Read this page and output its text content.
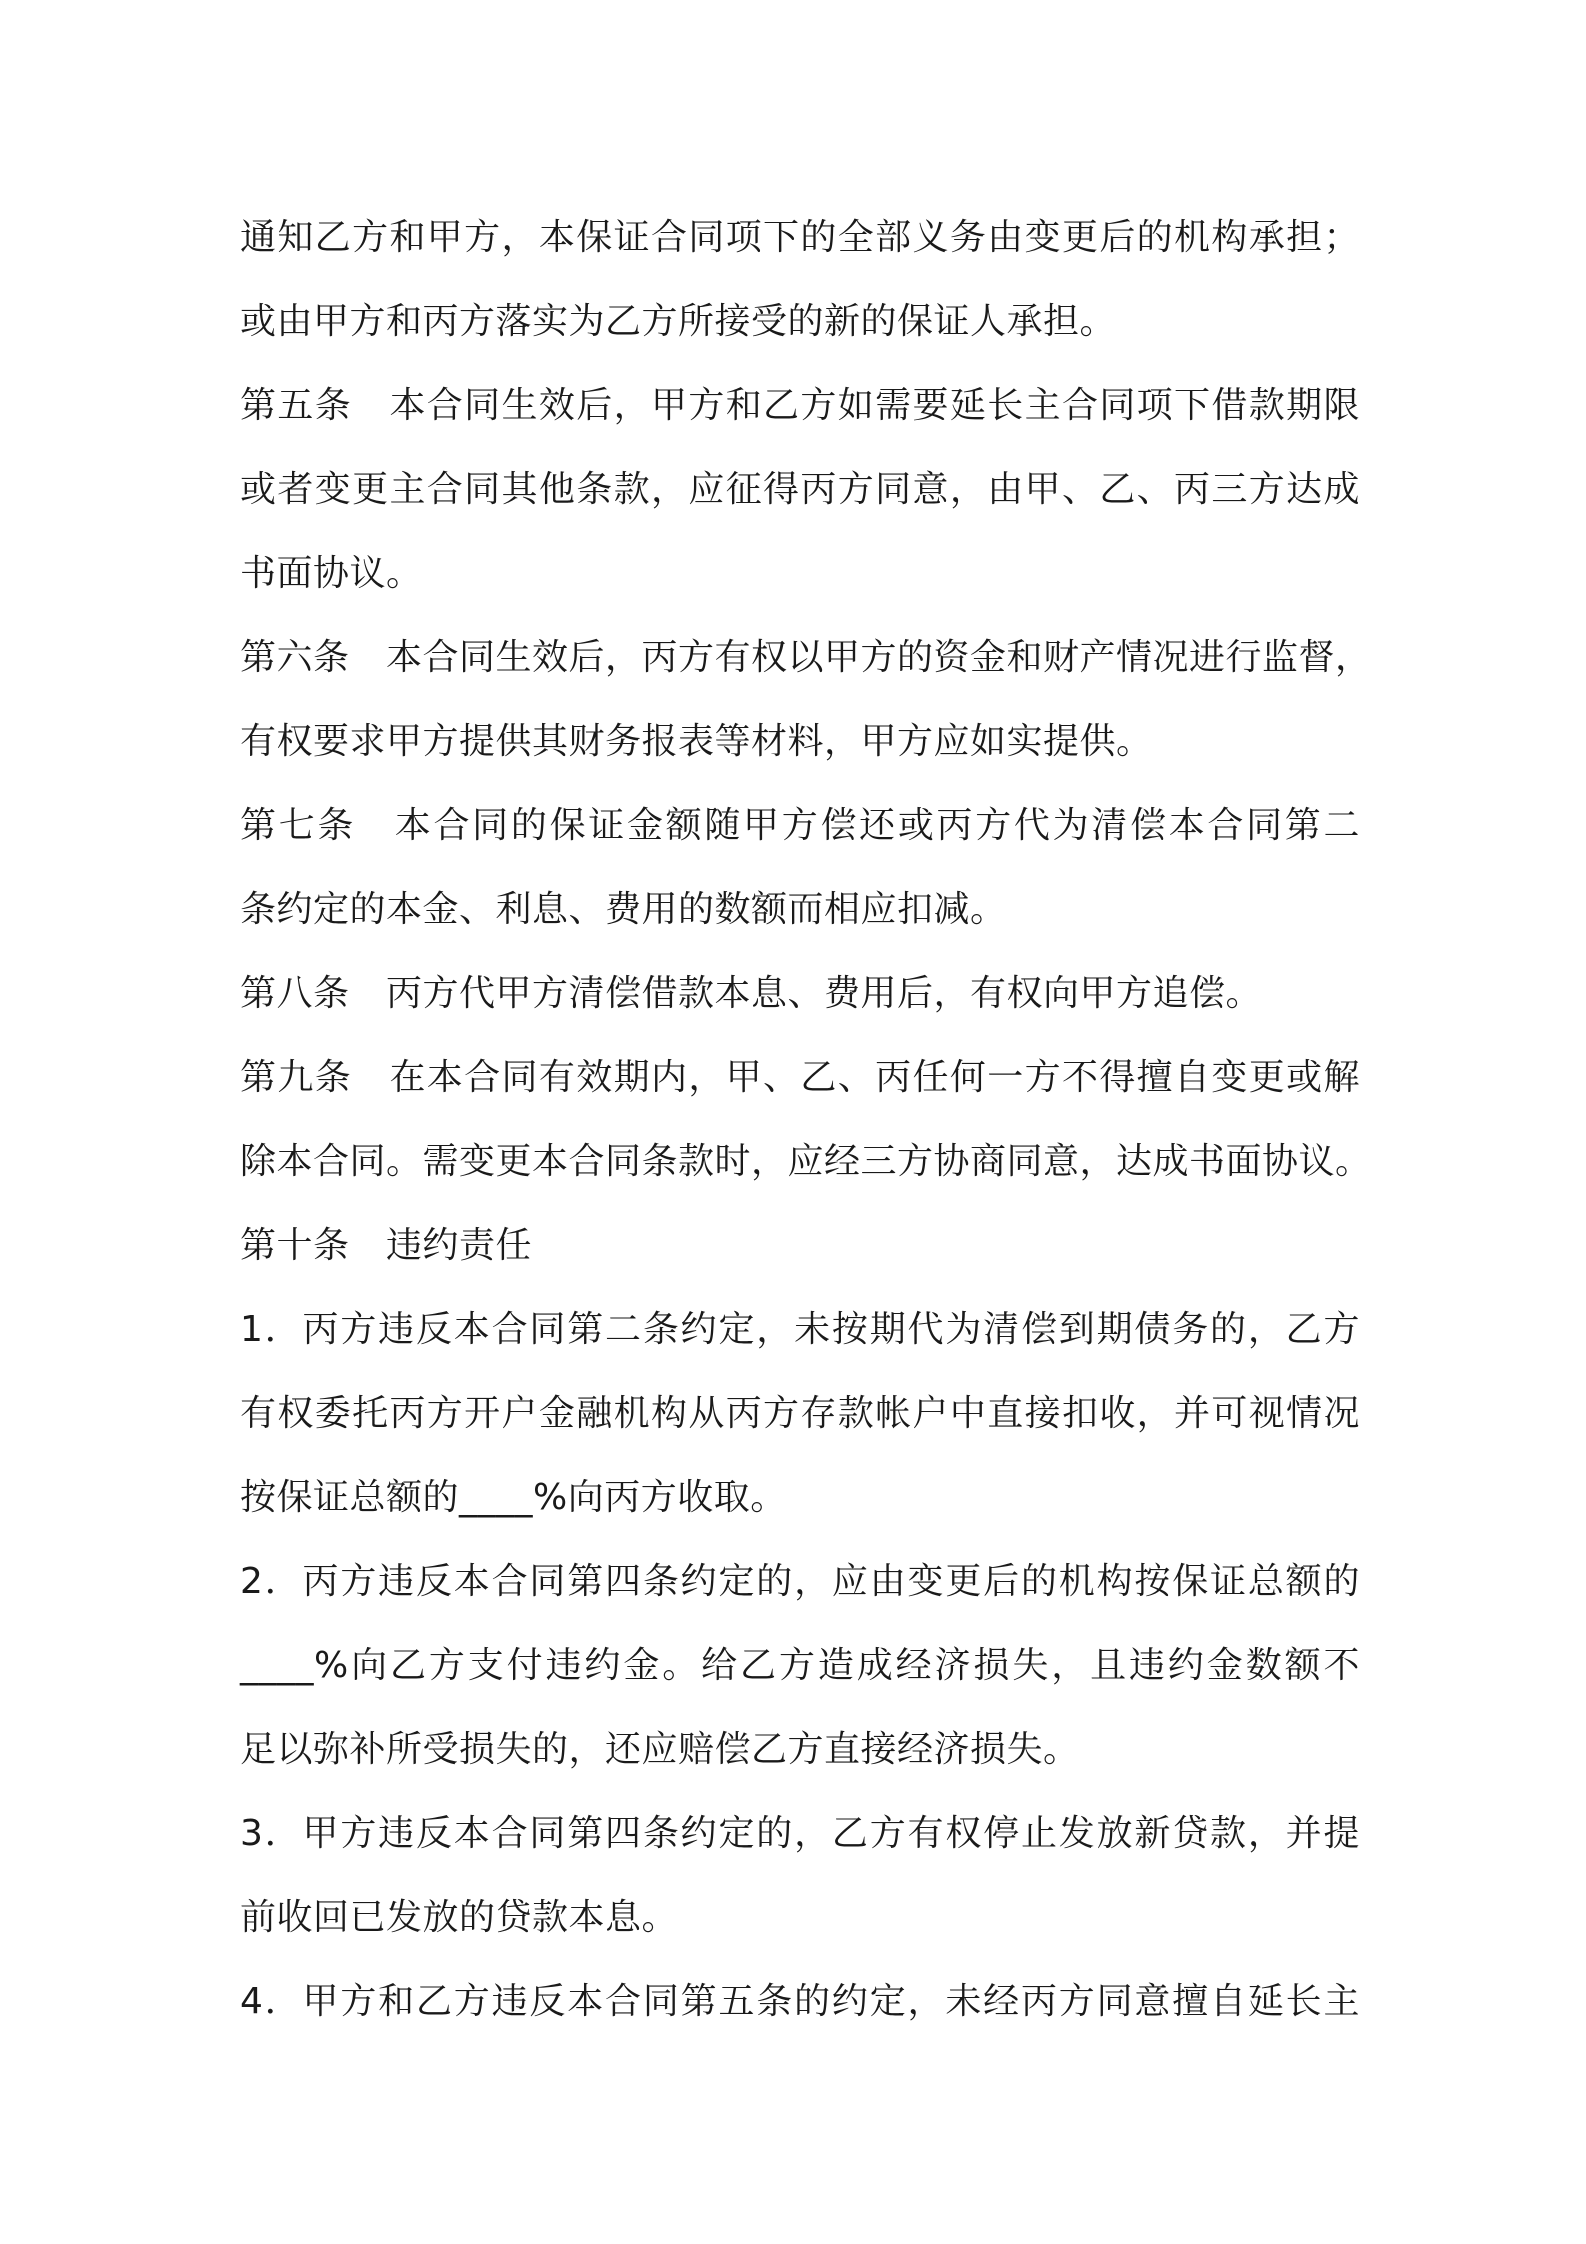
通知乙方和甲方，本保证合同项下的全部义务由变更后的机构承担；
或由甲方和丙方落实为乙方所接受的新的保证人承担。
第五条　本合同生效后，甲方和乙方如需要延长主合同项下借款期限
或者变更主合同其他条款，应征得丙方同意，由甲、乙、丙三方达成
书面协议。
第六条　本合同生效后，丙方有权以甲方的资金和财产情况进行监督，
有权要求甲方提供其财务报表等材料，甲方应如实提供。
第七条　本合同的保证金额随甲方偿还或丙方代为清偿本合同第二
条约定的本金、利息、费用的数额而相应扣减。
第八条　丙方代甲方清偿借款本息、费用后，有权向甲方追偿。
第九条　在本合同有效期内，甲、乙、丙任何一方不得擅自变更或解
除本合同。需变更本合同条款时，应经三方协商同意，达成书面协议。
第十条　违约责任
1．丙方违反本合同第二条约定，未按期代为清偿到期债务的，乙方
有权委托丙方开户金融机构从丙方存款帐户中直接扣收，并可视情况
按保证总额的____%向丙方收取。
2．丙方违反本合同第四条约定的，应由变更后的机构按保证总额的
____%向乙方支付违约金。给乙方造成经济损失，且违约金数额不
足以弥补所受损失的，还应赔偿乙方直接经济损失。
3．甲方违反本合同第四条约定的，乙方有权停止发放新贷款，并提
前收回已发放的贷款本息。
4．甲方和乙方违反本合同第五条的约定，未经丙方同意擅自延长主
